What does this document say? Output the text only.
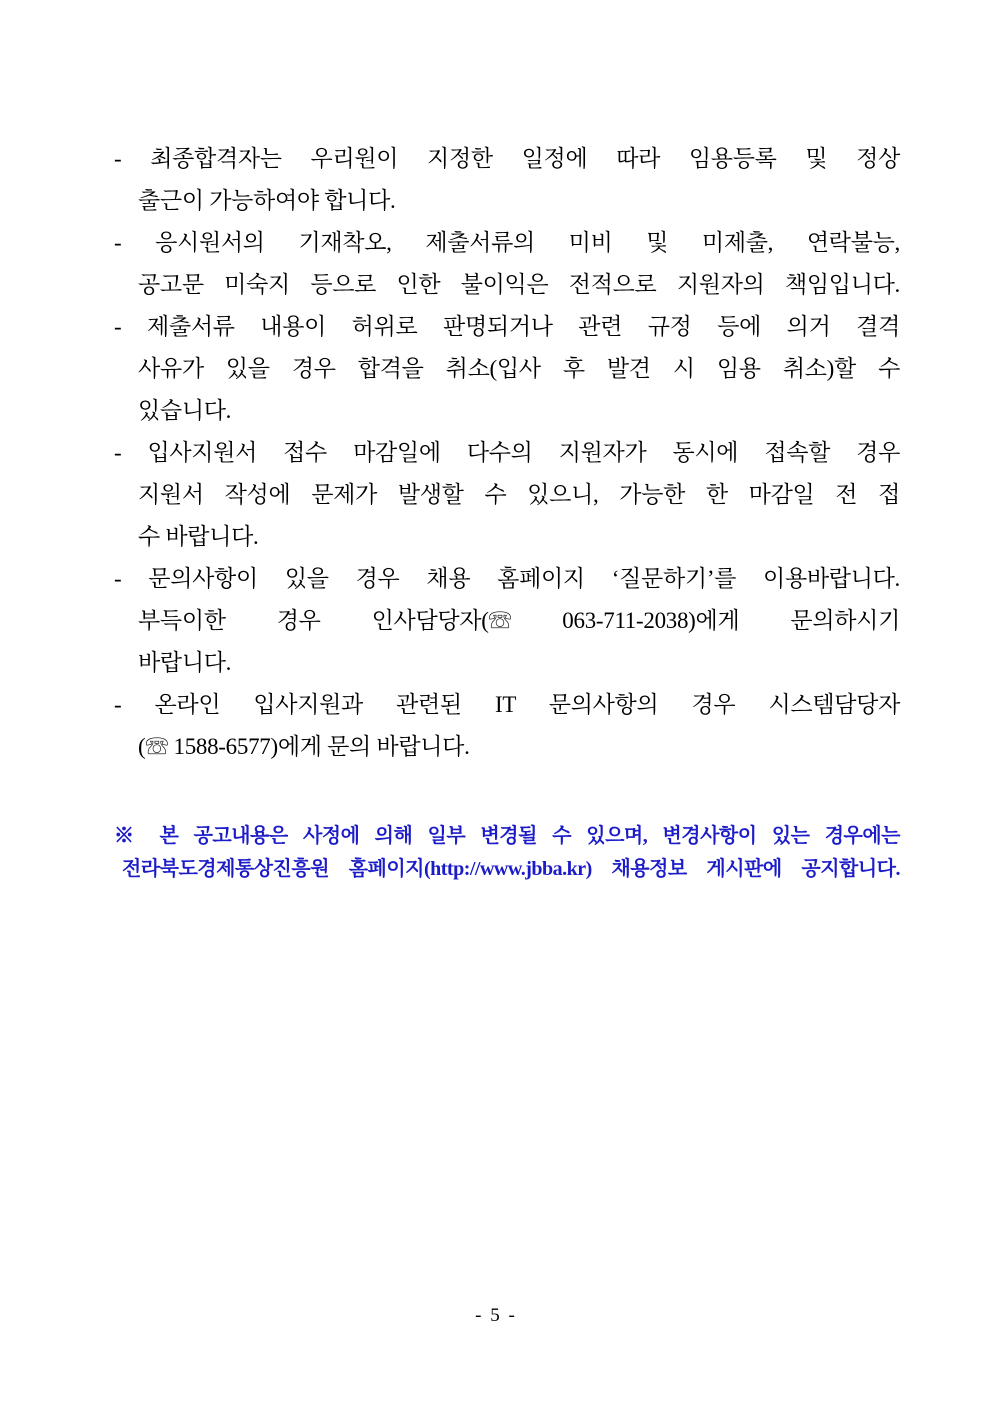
- 최종합격자는 우리원이 지정한 일정에 따라 임용등록 및 정상
출근이 가능하여야 합니다.
- 응시원서의 기재착오, 제출서류의 미비 및 미제출, 연락불능,
공고문 미숙지 등으로 인한 불이익은 전적으로 지원자의 책임입니다.
- 제출서류 내용이 허위로 판명되거나 관련 규정 등에 의거 결격
사유가 있을 경우 합격을 취소(입사 후 발견 시 임용 취소)할 수
있습니다.
- 입사지원서 접수 마감일에 다수의 지원자가 동시에 접속할 경우
지원서 작성에 문제가 발생할 수 있으니, 가능한 한 마감일 전 접
수 바랍니다.
- 문의사항이 있을 경우 채용 홈페이지 ‘질문하기’를 이용바랍니다.
부득이한 경우 인사담당자(☏ 063-711-2038)에게 문의하시기
바랍니다.
- 온라인 입사지원과 관련된 IT 문의사항의 경우 시스템담당자
(☏ 1588-6577)에게 문의 바랍니다.
※ 본 공고내용은 사정에 의해 일부 변경될 수 있으며, 변경사항이 있는 경우에는
전라북도경제통상진흥원 홈페이지(http://www.jbba.kr) 채용정보 게시판에 공지합니다.
- 5 -
